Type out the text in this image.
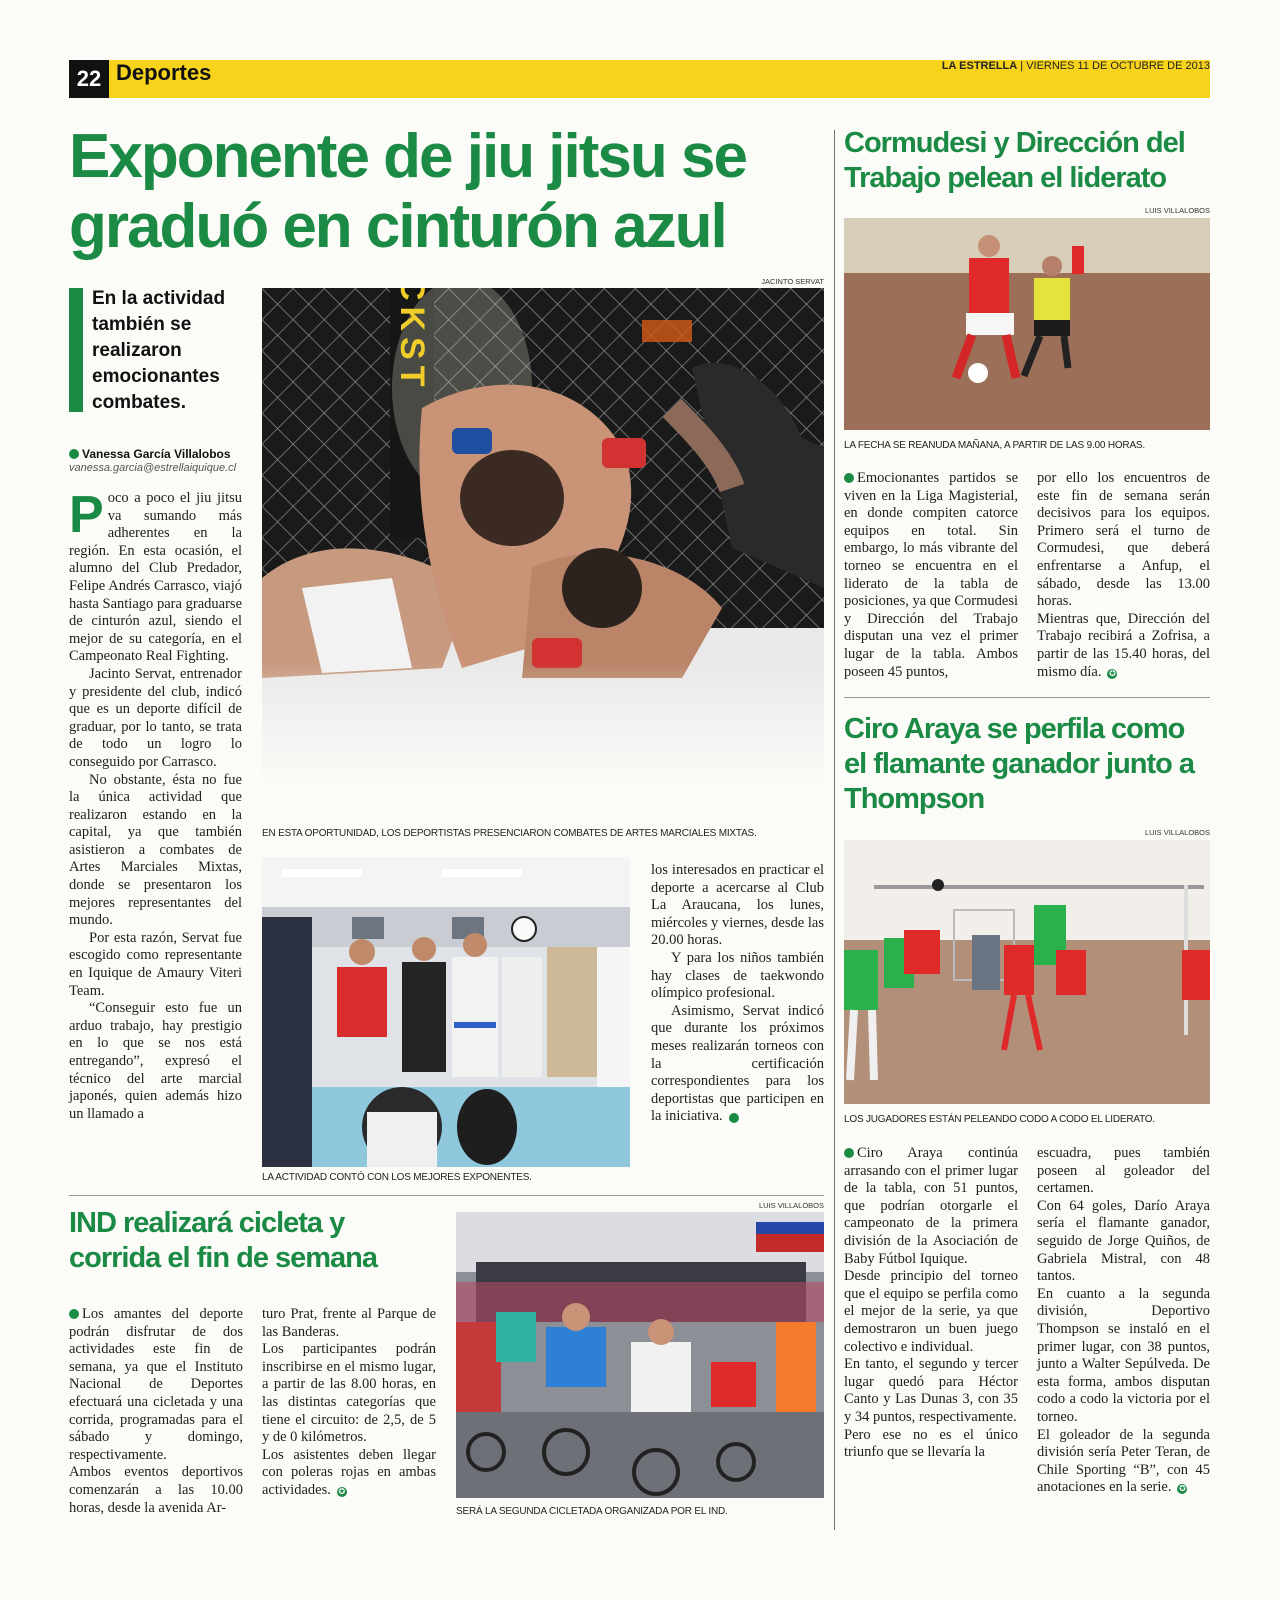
22 Deportes	LA ESTRELLA | VIERNES 11 DE OCTUBRE DE 2013
Exponente de jiu jitsu se graduó en cinturón azul
En la actividad también se realizaron emocionantes combates.
Vanessa García Villalobos
vanessa.garcia@estrellaiquique.cl

Poco a poco el jiu jitsu va sumando más adherentes en la región. En esta ocasión, el alumno del Club Predador, Felipe Andrés Carrasco, viajó hasta Santiago para graduarse de cinturón azul, siendo el mejor de su categoría, en el Campeonato Real Fighting.

Jacinto Servat, entrenador y presidente del club, indicó que es un deporte difícil de graduar, por lo tanto, se trata de todo un logro lo conseguido por Carrasco.

No obstante, ésta no fue la única actividad que realizaron estando en la capital, ya que también asistieron a combates de Artes Marciales Mixtas, donde se presentaron los mejores representantes del mundo.

Por esta razón, Servat fue escogido como representante en Iquique de Amaury Viteri Team.

“Conseguir esto fue un arduo trabajo, hay prestigio en lo que se nos está entregando”, expresó el técnico del arte marcial japonés, quien además hizo un llamado a

JACINTO SERVAT
EN ESTA OPORTUNIDAD, LOS DEPORTISTAS PRESENCIARON COMBATES DE ARTES MARCIALES MIXTAS.
LA ACTIVIDAD CONTÓ CON LOS MEJORES EXPONENTES.

los interesados en practicar el deporte a acercarse al Club La Araucana, los lunes, miércoles y viernes, desde las 20.00 horas.

Y para los niños también hay clases de taekwondo olímpico profesional.

Asimismo, Servat indicó que durante los próximos meses realizarán torneos con la certificación correspondientes para los deportistas que participen en la iniciativa.	✪

Cormudesi y Dirección del Trabajo pelean el liderato
LUIS VILLALOBOS
LA FECHA SE REANUDA MAÑANA, A PARTIR DE LAS 9.00 HORAS.

Emocionantes partidos se viven en la Liga Magisterial, en donde compiten catorce equipos en total. Sin embargo, lo más vibrante del torneo se encuentra en el liderato de la tabla de posiciones, ya que Cormudesi y Dirección del Trabajo disputan una vez el primer lugar de la tabla. Ambos poseen 45 puntos,

por ello los encuentros de este fin de semana serán decisivos para los equipos. Primero será el turno de Cormudesi, que deberá enfrentarse a Anfup, el sábado, desde las 13.00 horas.

Mientras que, Dirección del Trabajo recibirá a Zofrisa, a partir de las 15.40 horas, del mismo día. ✪

Ciro Araya se perfila como el flamante ganador junto a Thompson
LUIS VILLALOBOS
LOS JUGADORES ESTÁN PELEANDO CODO A CODO EL LIDERATO.

Ciro Araya continúa arrasando con el primer lugar de la tabla, con 51 puntos, que podrían otorgarle el campeonato de la primera división de la Asociación de Baby Fútbol Iquique.

Desde principio del torneo que el equipo se perfila como el mejor de la serie, ya que demostraron un buen juego colectivo e individual.

En tanto, el segundo y tercer lugar quedó para Héctor Canto y Las Dunas 3, con 35 y 34 puntos, respectivamente.

Pero ese no es el único triunfo que se llevaría la

escuadra, pues también poseen al goleador del certamen.

Con 64 goles, Darío Araya sería el flamante ganador, seguido de Jorge Quiños, de Gabriela Mistral, con 48 tantos.

En cuanto a la segunda división, Deportivo Thompson se instaló en el primer lugar, con 38 puntos, junto a Walter Sepúlveda. De esta forma, ambos disputan codo a codo la victoria por el torneo.

El goleador de la segunda división sería Peter Teran, de Chile Sporting “B”, con 45 anotaciones en la serie. ✪

IND realizará cicleta y corrida el fin de semana

Los amantes del deporte podrán disfrutar de dos actividades este fin de semana, ya que el Instituto Nacional de Deportes efectuará una cicletada y una corrida, programadas para el sábado y domingo, respectivamente.

Ambos eventos deportivos comenzarán a las 10.00 horas, desde la avenida Ar-

turo Prat, frente al Parque de las Banderas.

Los participantes podrán inscribirse en el mismo lugar, a partir de las 8.00 horas, en las distintas categorías que tiene el circuito: de 2,5, de 5 y de 0 kilómetros.

Los asistentes deben llegar con poleras rojas en ambas actividades. ✪

LUIS VILLALOBOS
SERÁ LA SEGUNDA CICLETADA ORGANIZADA POR EL IND.
